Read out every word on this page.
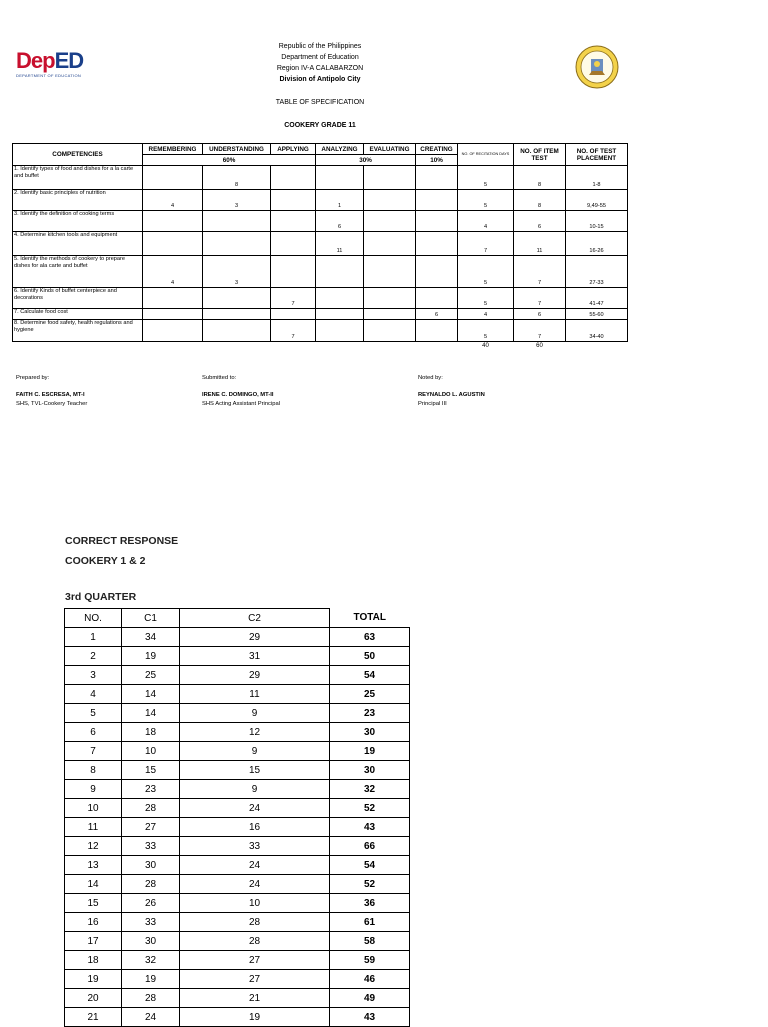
DepED
DEPARTMENT OF EDUCATION
Republic of the Philippines
Department of Education
Region IV-A CALABARZON
Division of Antipolo City
TABLE OF SPECIFICATION
COOKERY GRADE 11
COMPETENCIES	REMEMBERING	UNDERSTANDING	APPLYING	ANALYZING	EVALUATING	CREATING	NO. OF RECITATION DAYS	NO. OF ITEM TEST	NO. OF TEST PLACEMENT
	60%			30%		10%			
1. Identify types of food and dishes for a la carte and buffet		8					5	8	1-8
2. Identify basic principles of nutrition	4	3		1			5	8	9,49-55
3. Identify the definition of cooking terms				6			4	6	10-15
4. Determine kitchen tools and equipment				11			7	11	16-26
5. Identify the methods of cookery to prepare dishes for ala carte and buffet	4	3					5	7	27-33
6. Identify Kinds of buffet centerpiece and decorations			7				5	7	41-47
7. Calculate food cost						6	4	6	55-60
8. Determine food safety, health regulations and hygiene			7				5	7	34-40
							40	60	
Prepared by:
FAITH C. ESCRESA, MT-I
SHS, TVL-Cookery Teacher
Submitted to:
IRENE C. DOMINGO, MT-II
SHS Acting Assistant Principal
Noted by:
REYNALDO L. AGUSTIN
Principal III
CORRECT RESPONSE
COOKERY 1 & 2
3rd QUARTER
NO.	C1	C2	TOTAL
1	34	29	63
2	19	31	50
3	25	29	54
4	14	11	25
5	14	9	23
6	18	12	30
7	10	9	19
8	15	15	30
9	23	9	32
10	28	24	52
11	27	16	43
12	33	33	66
13	30	24	54
14	28	24	52
15	26	10	36
16	33	28	61
17	30	28	58
18	32	27	59
19	19	27	46
20	28	21	49
21	24	19	43
